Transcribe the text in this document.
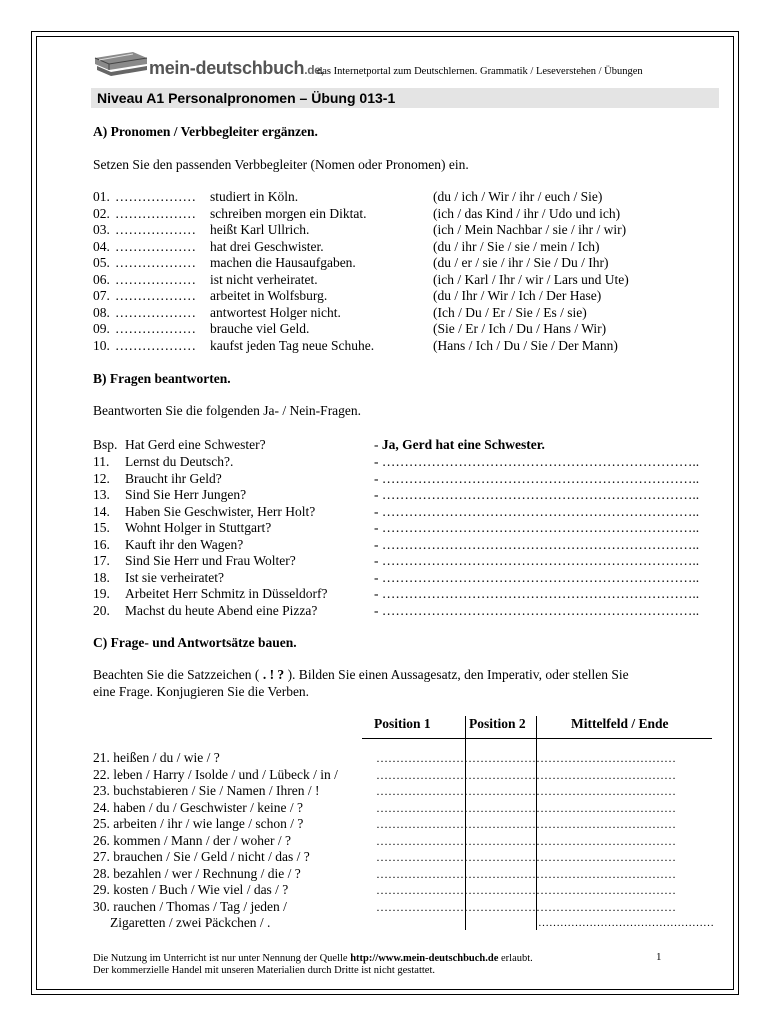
mein-deutschbuch.de,
das Internetportal zum Deutschlernen. Grammatik / Leseverstehen / Übungen
Niveau A1 Personalpronomen – Übung 013-1
A) Pronomen / Verbbegleiter ergänzen.
Setzen Sie den passenden Verbbegleiter (Nomen oder Pronomen) ein.
01. ……………… studiert in Köln.	(du / ich / Wir / ihr / euch / Sie)
02. ……………… schreiben morgen ein Diktat.	(ich / das Kind / ihr / Udo und ich)
03. ……………… heißt Karl Ullrich.	(ich / Mein Nachbar / sie / ihr / wir)
04. ……………… hat drei Geschwister.	(du / ihr / Sie / sie / mein / Ich)
05. ……………… machen die Hausaufgaben.	(du / er / sie / ihr / Sie / Du / Ihr)
06. ……………… ist nicht verheiratet.	(ich / Karl / Ihr / wir / Lars und Ute)
07. ……………… arbeitet in Wolfsburg.	(du / Ihr / Wir / Ich / Der Hase)
08. ……………… antwortest Holger nicht.	(Ich / Du / Er / Sie / Es / sie)
09. ……………… brauche viel Geld.	(Sie / Er / Ich / Du / Hans / Wir)
10. ……………… kaufst jeden Tag neue Schuhe.	(Hans / Ich / Du / Sie / Der Mann)
B) Fragen beantworten.
Beantworten Sie die folgenden Ja- / Nein-Fragen.
Bsp. Hat Gerd eine Schwester?	- Ja, Gerd hat eine Schwester.
11. Lernst du Deutsch?.	- ……………………………………………………………..
12. Braucht ihr Geld?	- ……………………………………………………………..
13. Sind Sie Herr Jungen?	- ……………………………………………………………..
14. Haben Sie Geschwister, Herr Holt?	- ……………………………………………………………..
15. Wohnt Holger in Stuttgart?	- ……………………………………………………………..
16. Kauft ihr den Wagen?	- ……………………………………………………………..
17. Sind Sie Herr und Frau Wolter?	- ……………………………………………………………..
18. Ist sie verheiratet?	- ……………………………………………………………..
19. Arbeitet Herr Schmitz in Düsseldorf?	- ……………………………………………………………..
20. Machst du heute Abend eine Pizza?	- ……………………………………………………………..
C) Frage- und Antwortsätze bauen.
Beachten Sie die Satzzeichen ( . ! ? ). Bilden Sie einen Aussagesatz, den Imperativ, oder stellen Sie
eine Frage. Konjugieren Sie die Verben.
Position 1	Position 2	Mittelfeld / Ende
21. heißen / du / wie / ?	…………………………………………………………………
22. leben / Harry / Isolde / und / Lübeck / in /	…………………………………………………………………
23. buchstabieren / Sie / Namen / Ihren / !	…………………………………………………………………
24. haben / du / Geschwister / keine / ?	…………………………………………………………………
25. arbeiten / ihr / wie lange / schon / ?	…………………………………………………………………
26. kommen / Mann / der / woher / ?	…………………………………………………………………
27. brauchen / Sie / Geld / nicht / das / ?	…………………………………………………………………
28. bezahlen / wer / Rechnung / die / ?	…………………………………………………………………
29. kosten / Buch / Wie viel / das / ?	…………………………………………………………………
30. rauchen / Thomas / Tag / jeden /	…………………………………………………………………
Zigaretten / zwei Päckchen / .	…………………………………………
Die Nutzung im Unterricht ist nur unter Nennung der Quelle http://www.mein-deutschbuch.de erlaubt.
Der kommerzielle Handel mit unseren Materialien durch Dritte ist nicht gestattet.
1
